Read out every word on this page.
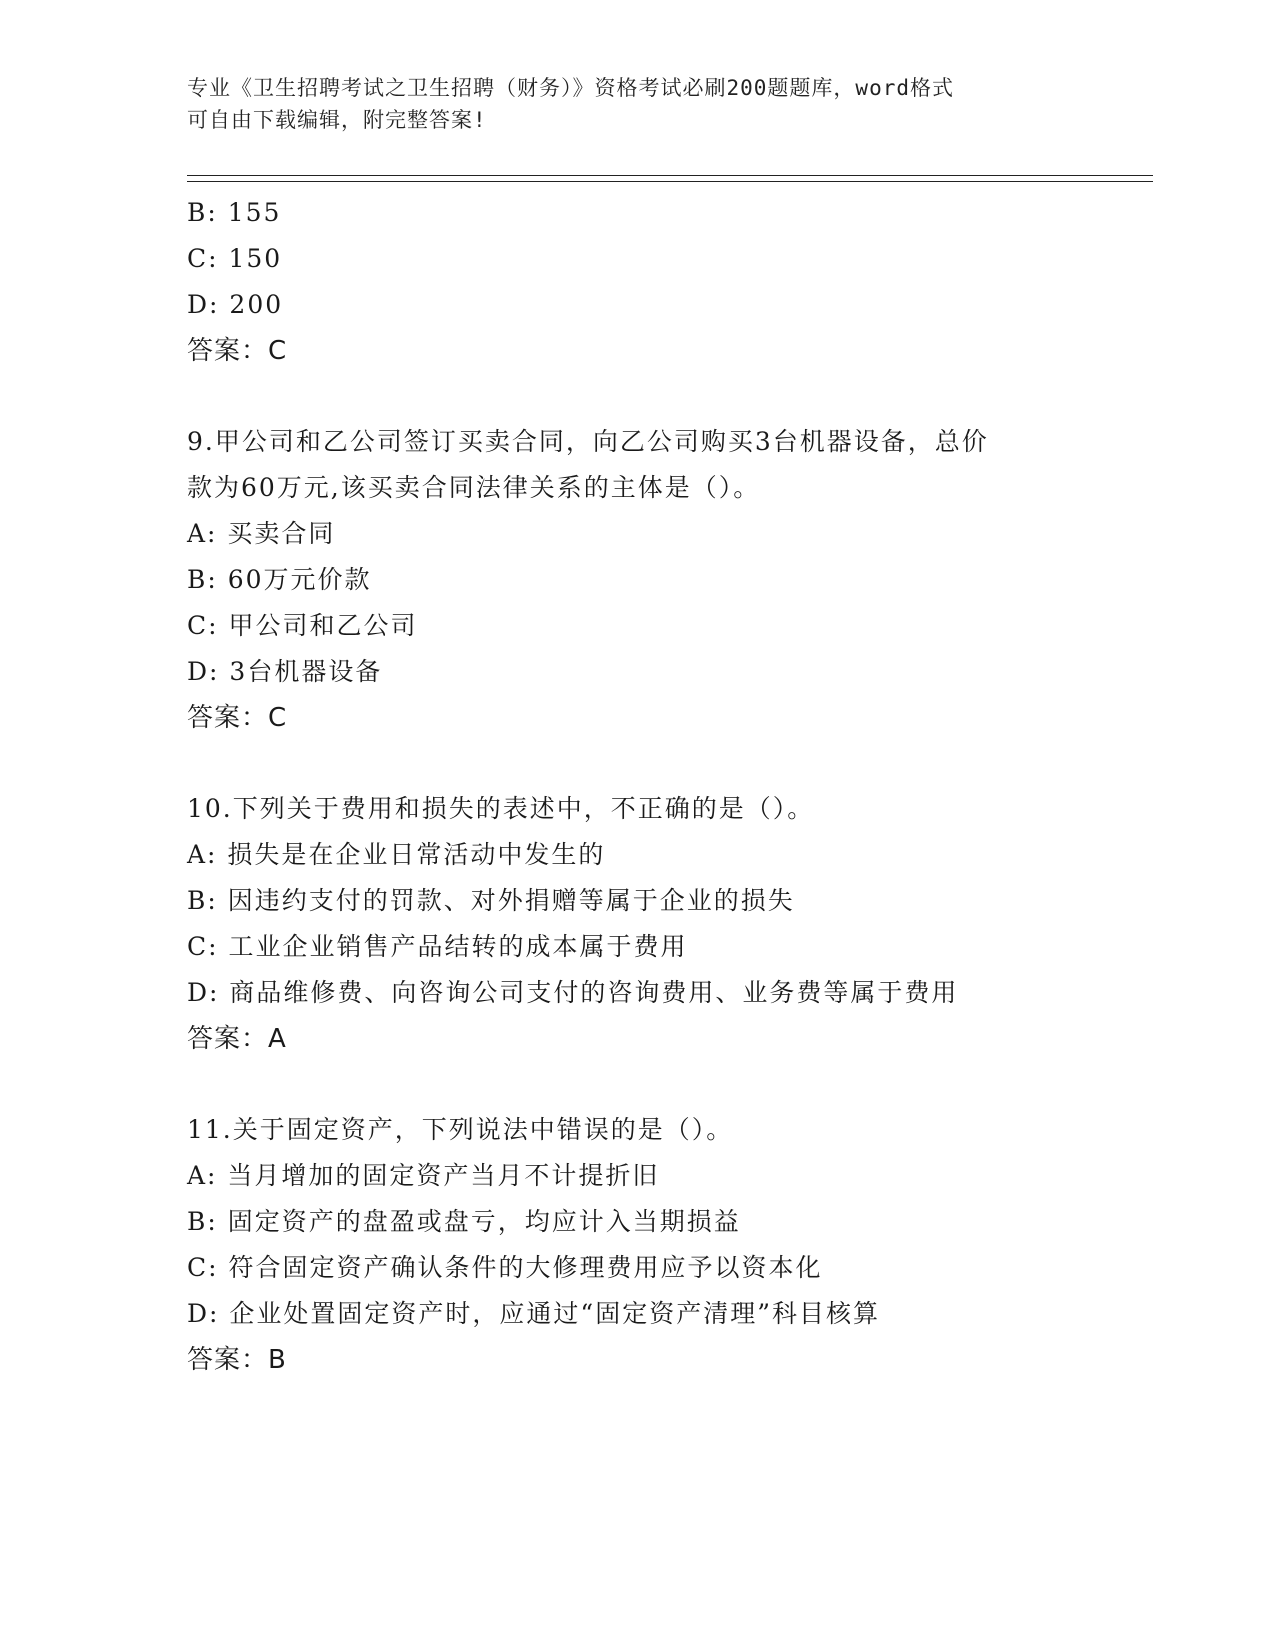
专业《卫生招聘考试之卫生招聘（财务）》资格考试必刷200题题库，word格式
可自由下载编辑，附完整答案!
B: 155
C: 150
D: 200
答案：C
9.甲公司和乙公司签订买卖合同，向乙公司购买3台机器设备，总价
款为60万元,该买卖合同法律关系的主体是（）。
A: 买卖合同
B: 60万元价款
C: 甲公司和乙公司
D: 3台机器设备
答案：C
10.下列关于费用和损失的表述中，不正确的是（）。
A: 损失是在企业日常活动中发生的
B: 因违约支付的罚款、对外捐赠等属于企业的损失
C: 工业企业销售产品结转的成本属于费用
D: 商品维修费、向咨询公司支付的咨询费用、业务费等属于费用
答案：A
11.关于固定资产，下列说法中错误的是（）。
A: 当月增加的固定资产当月不计提折旧
B: 固定资产的盘盈或盘亏，均应计入当期损益
C: 符合固定资产确认条件的大修理费用应予以资本化
D: 企业处置固定资产时，应通过“固定资产清理”科目核算
答案：B
